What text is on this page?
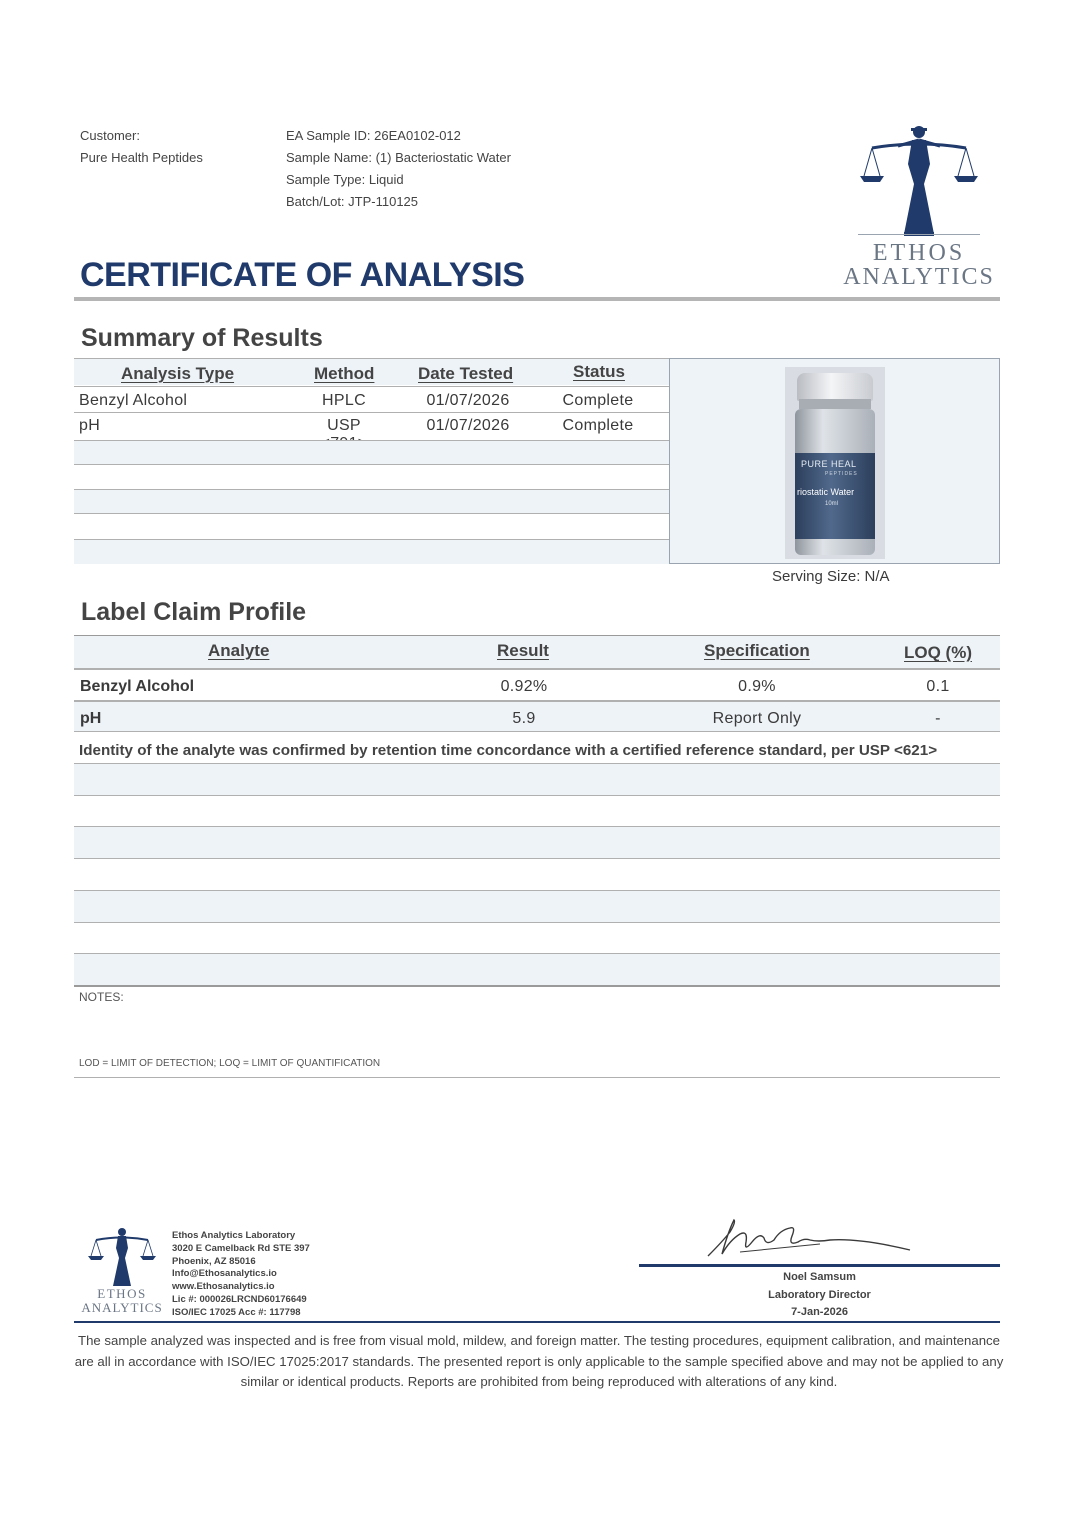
Customer:
Pure Health Peptides
EA Sample ID: 26EA0102-012
Sample Name: (1) Bacteriostatic Water
Sample Type: Liquid
Batch/Lot: JTP-110125
ETHOS
ANALYTICS
CERTIFICATE OF ANALYSIS
Summary of Results
Analysis Type	Method	Date Tested	Status
Benzyl Alcohol	HPLC	01/07/2026	Complete
pH	USP	01/07/2026	Complete
PURE HEAL
PEPTIDES
riostatic Water
10ml
Serving Size: N/A
Label Claim Profile
Analyte	Result	Specification	LOQ (%)
Benzyl Alcohol	0.92%	0.9%	0.1
pH	5.9	Report Only	-
Identity of the analyte was confirmed by retention time concordance with a certified reference standard, per USP <621>
NOTES:
LOD = LIMIT OF DETECTION; LOQ = LIMIT OF QUANTIFICATION
ETHOS
ANALYTICS
Ethos Analytics Laboratory
3020 E Camelback Rd STE 397
Phoenix, AZ 85016
Info@Ethosanalytics.io
www.Ethosanalytics.io
Lic #: 000026LRCND60176649
ISO/IEC 17025 Acc #: 117798
Noel Samsum
Laboratory Director
7-Jan-2026
The sample analyzed was inspected and is free from visual mold, mildew, and foreign matter. The testing procedures, equipment calibration, and maintenance are all in accordance with ISO/IEC 17025:2017 standards. The presented report is only applicable to the sample specified above and may not be applied to any similar or identical products. Reports are prohibited from being reproduced with alterations of any kind.
